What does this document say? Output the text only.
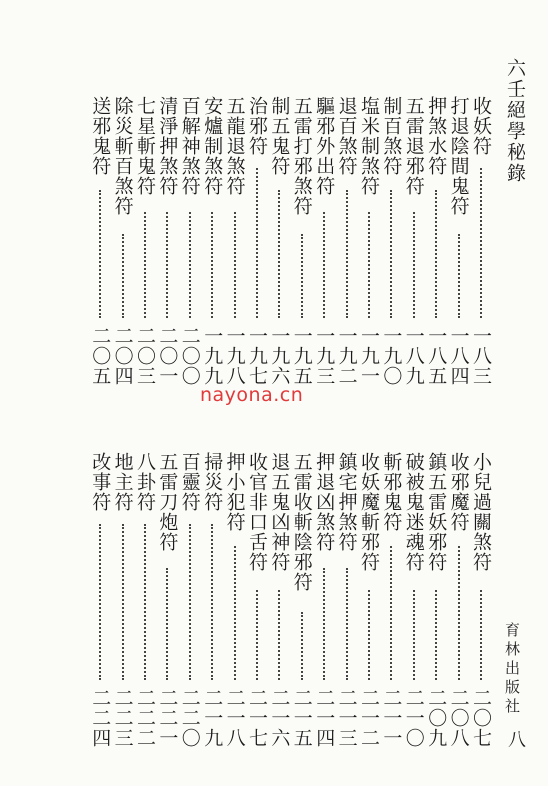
六壬絕學秘錄
育林出版社
八
nayona.cn
收妖符
一八三
打退陰間鬼符
一八四
押煞水符
一八五
五雷退邪符
一八九
制百煞符
一九〇
塩米制煞符
一九一
退百煞符
一九二
驅邪外出符
一九三
五雷打邪煞符
一九五
制五鬼符
一九六
治邪符
一九七
五龍退煞符
一九八
安爐制煞符
一九九
百解神煞符
二〇〇
清淨押煞符
二〇一
七星斬鬼符
二〇三
除災斬百煞符
二〇四
送邪鬼符
二〇五
小兒過關煞符
二〇七
收邪魔符
二〇八
鎮五雷妖邪符
二〇九
破被鬼迷魂符
二一〇
斬邪鬼符
二一一
收妖魔斬邪符
二一二
鎮宅押煞符
二一三
押退凶煞符
二一四
五雷收斬陰邪符
二一五
退五鬼凶神符
二一六
收官非口舌符
二一七
押小犯符
二一八
掃災符
二一九
百靈符
二二〇
五雷刀炮符
二二一
八卦符
二二二
地主符
二二三
改事符
二二四
